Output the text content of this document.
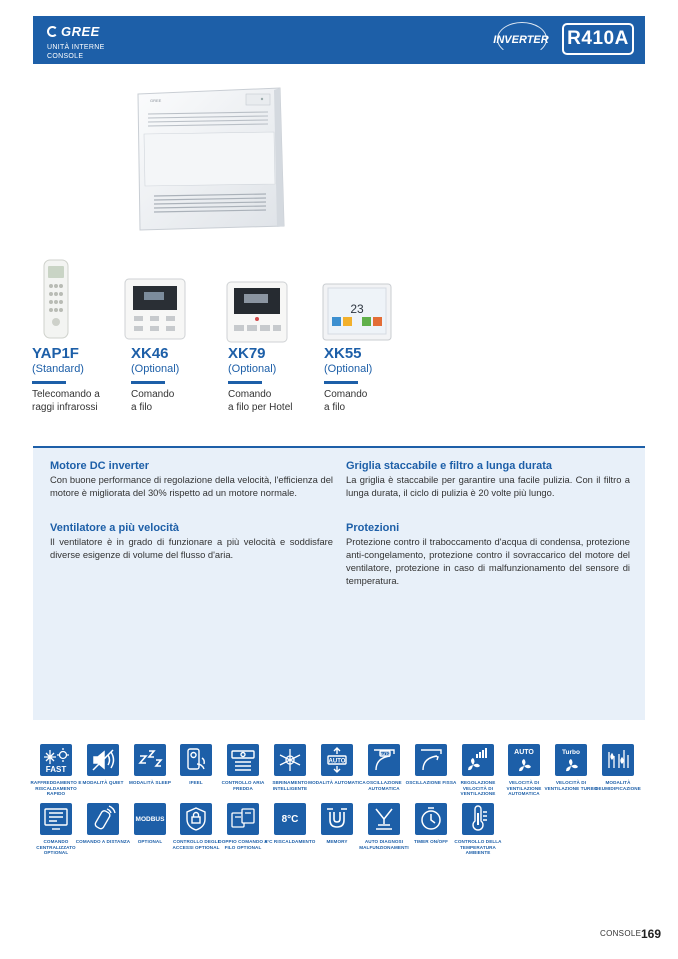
GREE
UNITÀ INTERNE
CONSOLE
INVERTER R410A
GREE
23
YAP1F
(Standard)
Telecomando a
raggi infrarossi
XK46
(Optional)
Comando
a filo
XK79
(Optional)
Comando
a filo per Hotel
XK55
(Optional)
Comando
a filo
Motore DC inverter
Con buone performance di regolazione della velocità, l'efficienza del motore è migliorata del 30% rispetto ad un motore normale.
Ventilatore a più velocità
Il ventilatore è in grado di funzionare a più velocità e soddisfare diverse esigenze di volume del flusso d'aria.
Griglia staccabile e filtro a lunga durata
La griglia è staccabile per garantire una facile pulizia. Con il filtro a lunga durata, il ciclo di pulizia è 20 volte più lungo.
Protezioni
Protezione contro il traboccamento d'acqua di condensa, protezione anti-congelamento, protezione contro il sovraccarico del motore del ventilatore, protezione in caso di malfunzionamento del sensore di temperatura.
FAST
RAFFREDDAMENTO E RISCALDAMENTO RAPIDO
MODALITÀ QUIET	MODALITÀ SLEEP	IFEEL	CONTROLLO ARIA FREDDA
SBRINAMENTO INTELLIGENTE
AUTO
MODALITÀ AUTOMATICA
AUTO
OSCILLAZIONE AUTOMATICA
OSCILLAZIONE FISSA REGOLAZIONE VELOCITÀ DI VENTILAZIONE
AUTO
VELOCITÀ DI VENTILAZIONE AUTOMATICA
Turbo
VELOCITÀ DI VENTILAZIONE TURBO
MODALITÀ DEUMIDIFICAZIONE
COMANDO CENTRALIZZATO OPTIONAL
COMANDO A DISTANZA
MODBUS
OPTIONAL	CONTROLLO DEGLI ACCESSI OPTIONAL
DOPPIO COMANDO A FILO OPTIONAL
8°C
8°C RISCALDAMENTO	MEMORY	AUTO DIAGNOSI MALFUNZIONAMENTI
TIMER ON/OFF	CONTROLLO DELLA TEMPERATURA AMBIENTE
CONSOLE 169
